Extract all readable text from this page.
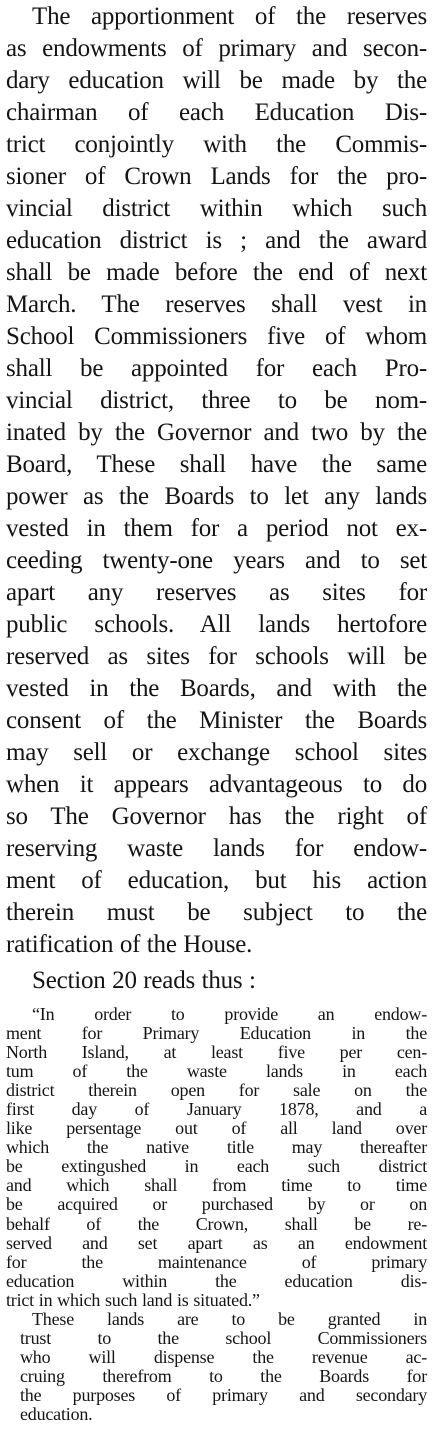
The apportionment of the reserves
as endowments of primary and secon-
dary education will be made by the
chairman of each Education Dis-
trict conjointly with the Commis-
sioner of Crown Lands for the pro-
vincial district within which such
education district is ; and the award
shall be made before the end of next
March. The reserves shall vest in
School Commissioners five of whom
shall be appointed for each Pro-
vincial district, three to be nom-
inated by the Governor and two by the
Board, These shall have the same
power as the Boards to let any lands
vested in them for a period not ex-
ceeding twenty-one years and to set
apart any reserves as sites for
public schools. All lands hertofore
reserved as sites for schools will be
vested in the Boards, and with the
consent of the Minister the Boards
may sell or exchange school sites
when it appears advantageous to do
so The Governor has the right of
reserving waste lands for endow-
ment of education, but his action
therein must be subject to the
ratification of the House.
Section 20 reads thus :
“In order to provide an endow-
ment for Primary Education in the
North Island, at least five per cen-
tum of the waste lands in each
district therein open for sale on the
first day of January 1878, and a
like persentage out of all land over
which the native title may thereafter
be extingushed in each such district
and which shall from time to time
be acquired or purchased by or on
behalf of the Crown, shall be re-
served and set apart as an endowment
for the maintenance of primary
education within the education dis-
trict in which such land is situated.”
These lands are to be granted in
trust to the school Commissioners
who will dispense the revenue ac-
cruing therefrom to the Boards for
the purposes of primary and secondary
education.
